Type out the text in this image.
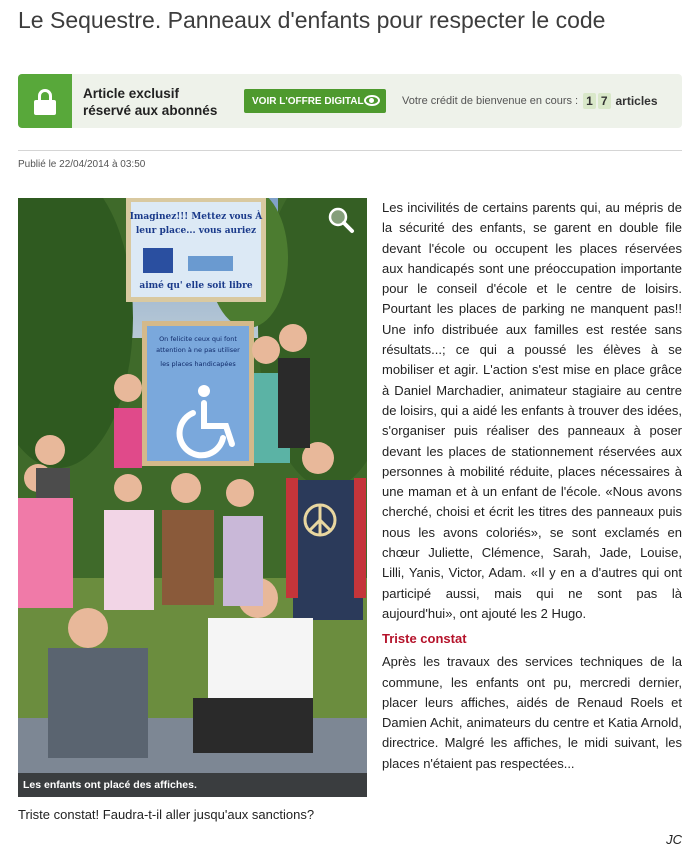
Le Sequestre. Panneaux d'enfants pour respecter le code
Article exclusif
réservé aux abonnés
VOIR L'OFFRE DIGITAL	Votre crédit de bienvenue en cours : 1 7 articles
Publié le 22/04/2014 à 03:50
Imaginez!!! Mettez vous À
leur place... vous auriez
aimé qu' elle soit libre
On felicite ceux qui font
attention à ne pas utiliser
les places handicapées
Les enfants ont placé des affiches.
Triste constat! Faudra-t-il aller jusqu'aux sanctions?

Les incivilités de certains parents qui, au mépris de la sécurité des enfants, se garent en double file devant l'école ou occupent les places réservées aux handicapés sont une préoccupation importante pour le conseil d'école et le centre de loisirs. Pourtant les places de parking ne manquent pas!! Une info distribuée aux familles est restée sans résultats...; ce qui a poussé les élèves à se mobiliser et agir. L'action s'est mise en place grâce à Daniel Marchadier, animateur stagiaire au centre de loisirs, qui a aidé les enfants à trouver des idées, s'organiser puis réaliser des panneaux à poser devant les places de stationnement réservées aux personnes à mobilité réduite, places nécessaires à une maman et à un enfant de l'école. «Nous avons cherché, choisi et écrit les titres des panneaux puis nous les avons coloriés», se sont exclamés en chœur Juliette, Clémence, Sarah, Jade, Louise, Lilli, Yanis, Victor, Adam. «Il y en a d'autres qui ont participé aussi, mais qui ne sont pas là aujourd'hui», ont ajouté les 2 Hugo.

Triste constat

Après les travaux des services techniques de la commune, les enfants ont pu, mercredi dernier, placer leurs affiches, aidés de Renaud Roels et Damien Achit, animateurs du centre et Katia Arnold, directrice. Malgré les affiches, le midi suivant, les places n'étaient pas respectées...

JC
